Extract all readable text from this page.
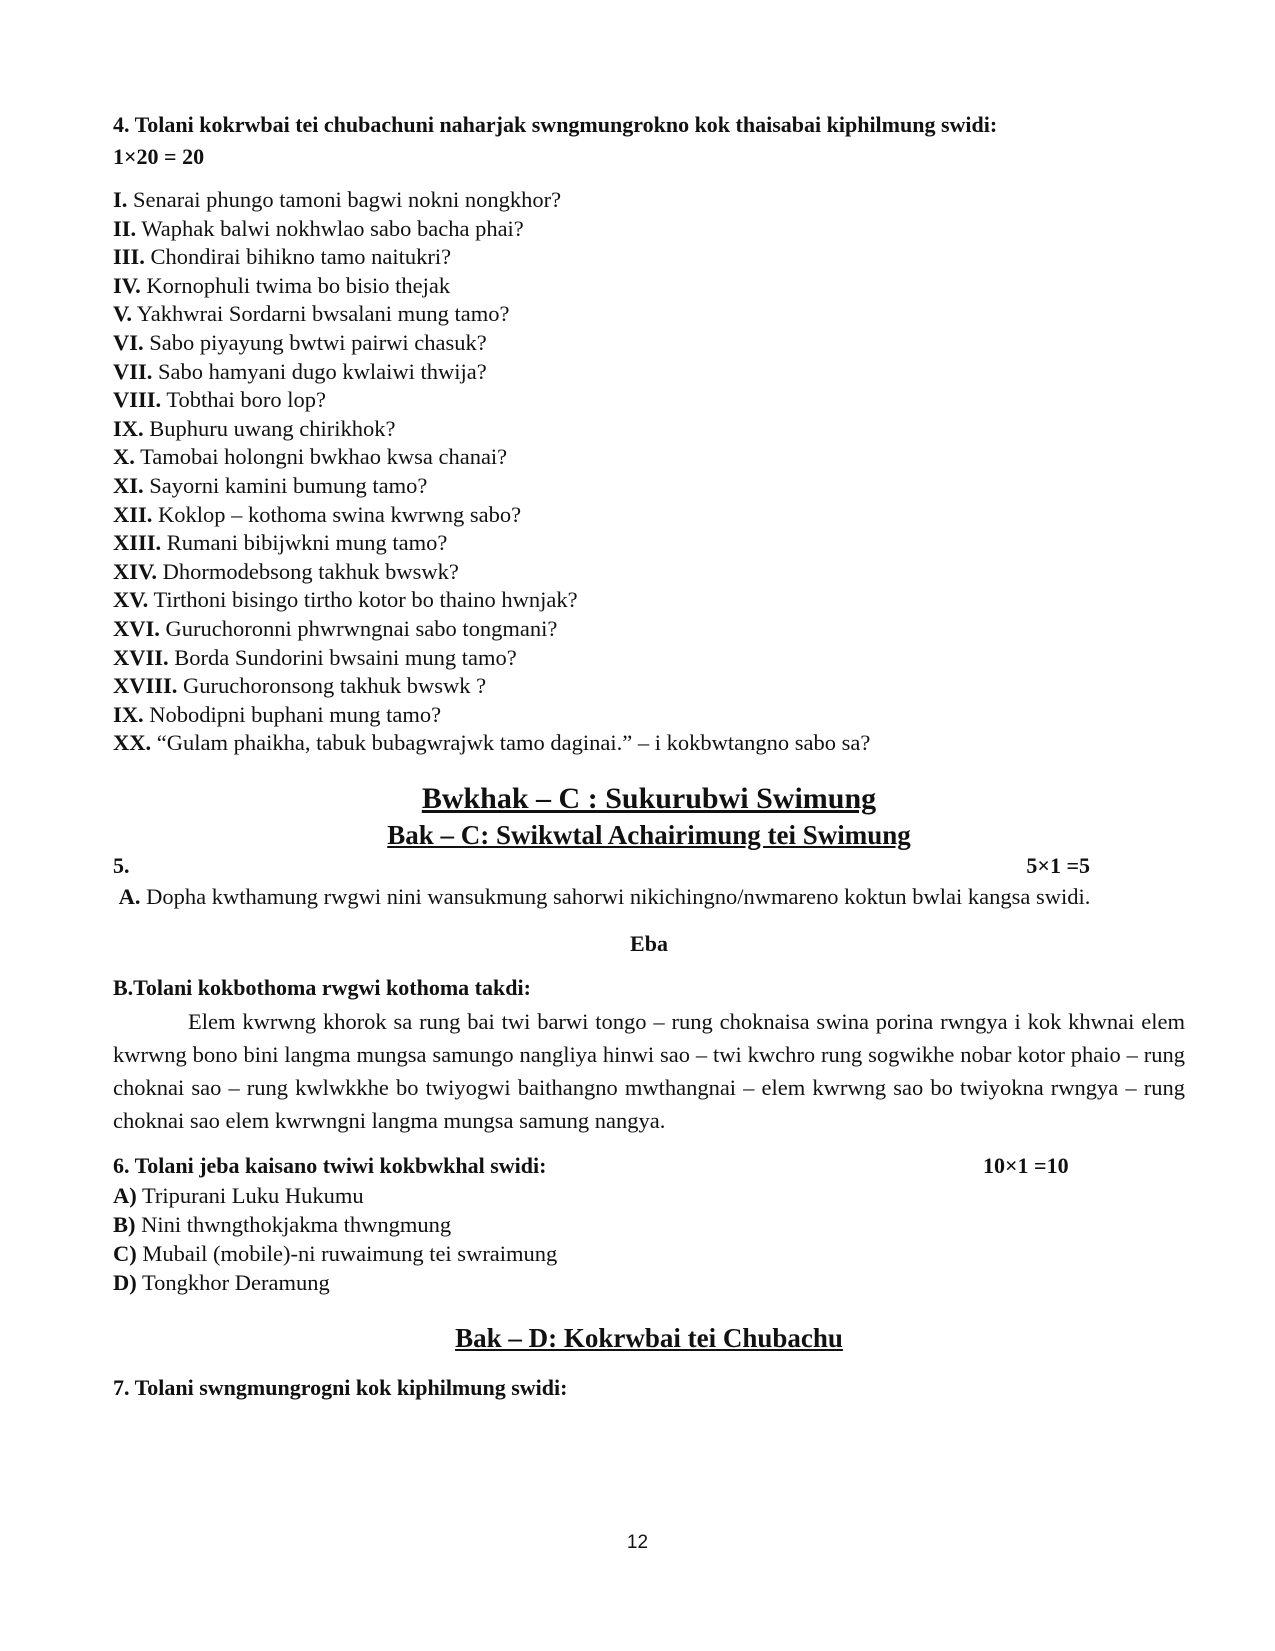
4. Tolani kokrwbai tei chubachuni naharjak swngmungrokno kok thaisabai kiphilmung swidi:

1×20 = 20

I. Senarai phungo tamoni bagwi nokni nongkhor?
II. Waphak balwi nokhwlao sabo bacha phai?
III. Chondirai bihikno tamo naitukri?
IV. Kornophuli twima bo bisio thejak
V. Yakhwrai Sordarni bwsalani mung tamo?
VI. Sabo piyayung bwtwi pairwi chasuk?
VII. Sabo hamyani dugo kwlaiwi thwija?
VIII. Tobthai boro lop?
IX. Buphuru uwang chirikhok?
X. Tamobai holongni bwkhao kwsa chanai?
XI. Sayorni kamini bumung tamo?
XII. Koklop – kothoma swina kwrwng sabo?
XIII. Rumani bibijwkni mung tamo?
XIV. Dhormodebsong takhuk bwswk?
XV. Tirthoni bisingo tirtho kotor bo thaino hwnjak?
XVI. Guruchoronni phwrwngnai sabo tongmani?
XVII. Borda Sundorini bwsaini mung tamo?
XVIII. Guruchoronsong takhuk bwswk ?
IX. Nobodipni buphani mung tamo?
XX. “Gulam phaikha, tabuk bubagwrajwk tamo daginai.” – i kokbwtangno sabo sa?
Bwkhak – C : Sukurubwi Swimung
Bak – C: Swikwtal Achairimung tei Swimung
5.	5×1 =5

A. Dopha kwthamung rwgwi nini wansukmung sahorwi nikichingno/nwmareno koktun bwlai kangsa swidi.

Eba

B.Tolani kokbothoma rwgwi kothoma takdi:

Elem kwrwng khorok sa rung bai twi barwi tongo – rung choknaisa swina porina rwngya i kok khwnai elem kwrwng bono bini langma mungsa samungo nangliya hinwi sao – twi kwchro rung sogwikhe nobar kotor phaio – rung choknai sao – rung kwlwkkhe bo twiyogwi baithangno mwthangnai – elem kwrwng sao bo twiyokna rwngya – rung choknai sao elem kwrwngni langma mungsa samung nangya.

6. Tolani jeba kaisano twiwi kokbwkhal swidi:	10×1 =10
A) Tripurani Luku Hukumu
B) Nini thwngthokjakma thwngmung
C) Mubail (mobile)-ni ruwaimung tei swraimung
D) Tongkhor Deramung
Bak – D: Kokrwbai tei Chubachu

7. Tolani swngmungrogni kok kiphilmung swidi:

12
